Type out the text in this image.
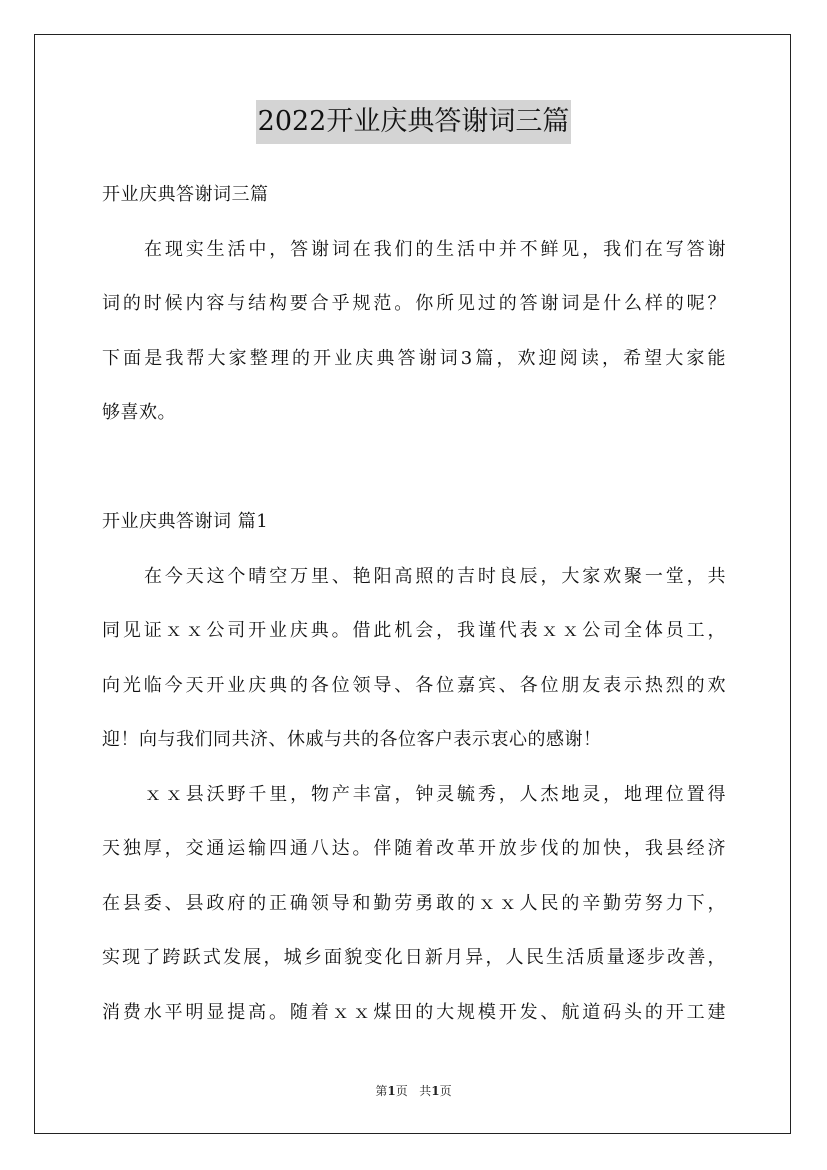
2022开业庆典答谢词三篇
开业庆典答谢词三篇
在现实生活中，答谢词在我们的生活中并不鲜见，我们在写答谢
词的时候内容与结构要合乎规范。你所见过的答谢词是什么样的呢？
下面是我帮大家整理的开业庆典答谢词3篇，欢迎阅读，希望大家能
够喜欢。
开业庆典答谢词 篇1
在今天这个晴空万里、艳阳高照的吉时良辰，大家欢聚一堂，共
同见证ｘｘ公司开业庆典。借此机会，我谨代表ｘｘ公司全体员工，
向光临今天开业庆典的各位领导、各位嘉宾、各位朋友表示热烈的欢
迎！向与我们同共济、休戚与共的各位客户表示衷心的感谢！
ｘｘ县沃野千里，物产丰富，钟灵毓秀，人杰地灵，地理位置得
天独厚，交通运输四通八达。伴随着改革开放步伐的加快，我县经济
在县委、县政府的正确领导和勤劳勇敢的ｘｘ人民的辛勤劳努力下，
实现了跨跃式发展，城乡面貌变化日新月异，人民生活质量逐步改善，
消费水平明显提高。随着ｘｘ煤田的大规模开发、航道码头的开工建
第1页 共1页
